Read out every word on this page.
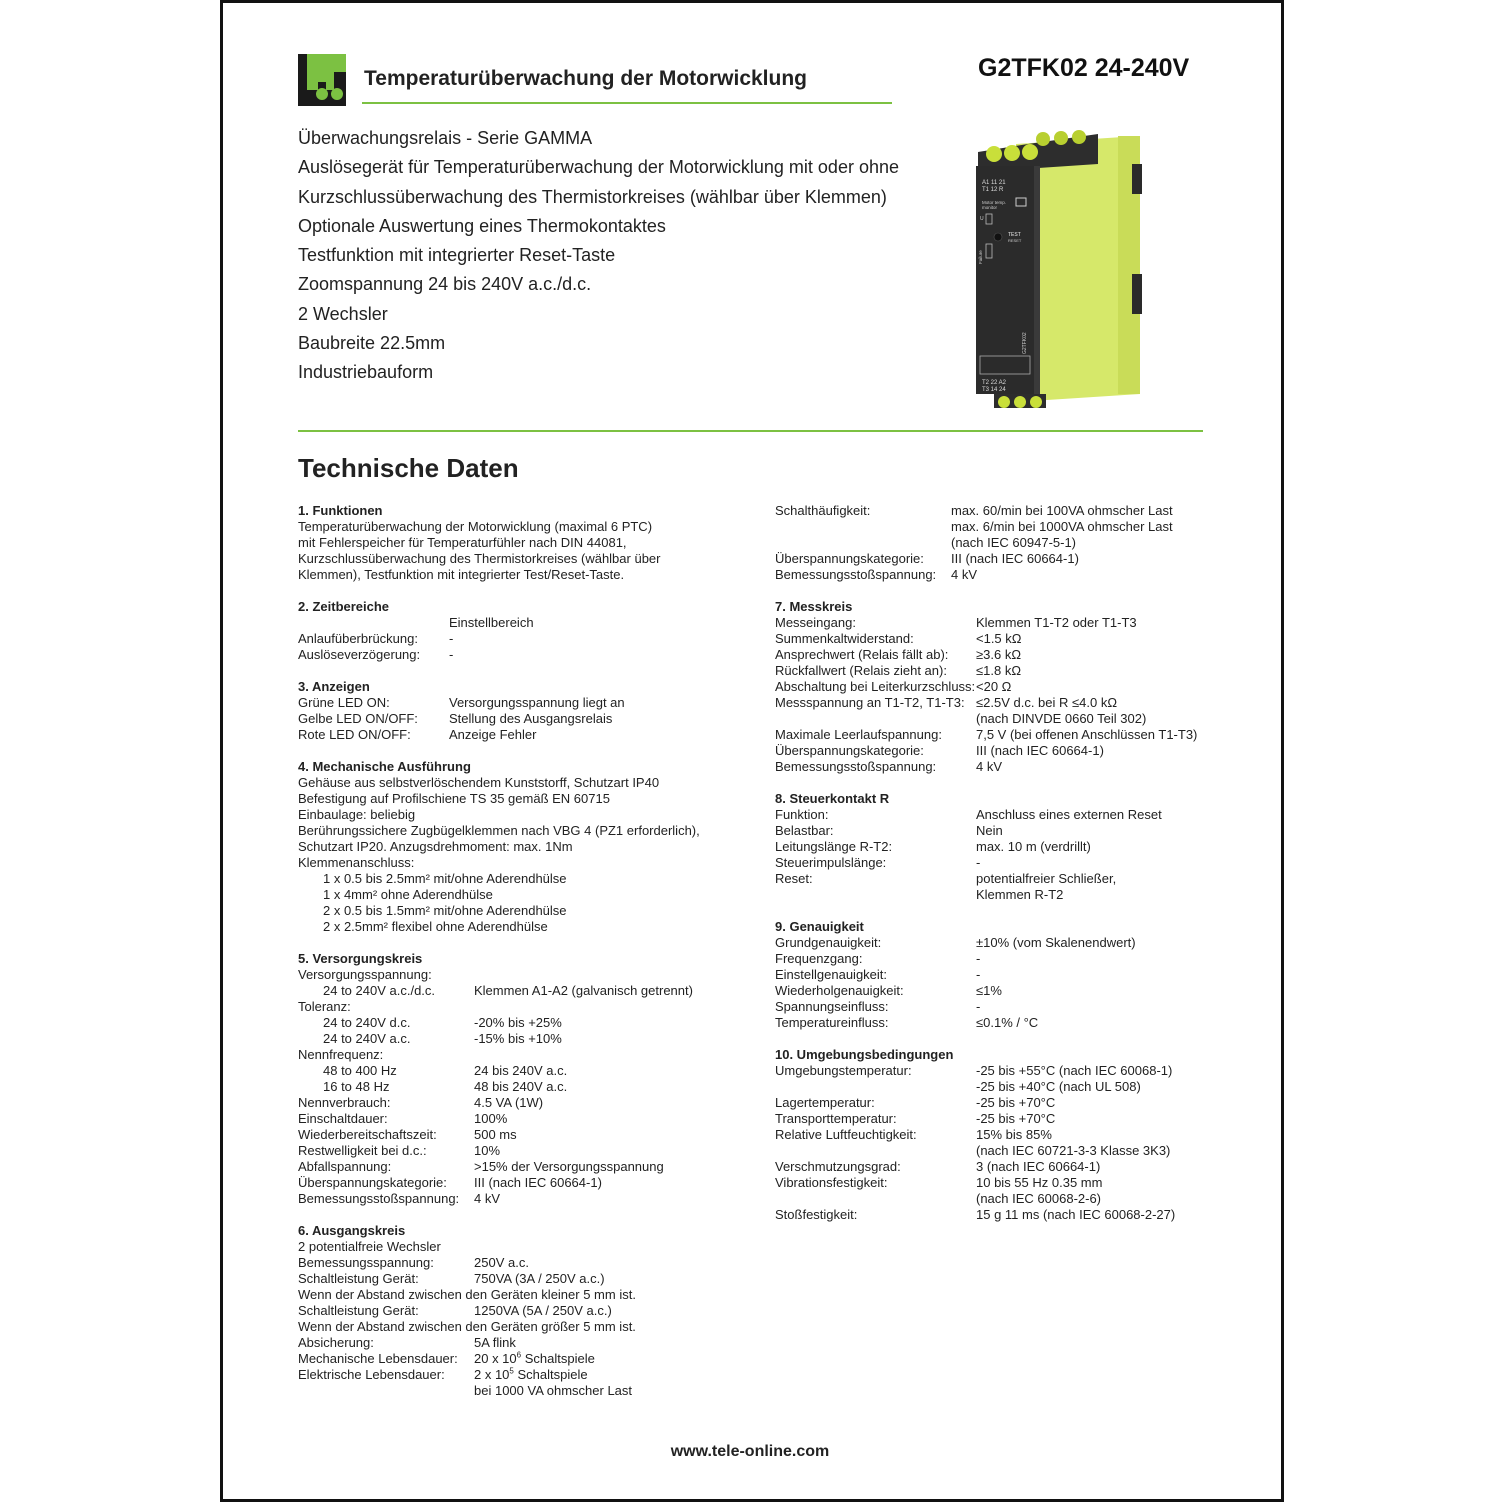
Temperaturüberwachung der Motorwicklung	G2TFK02 24-240V
Überwachungsrelais - Serie GAMMA
Auslösegerät für Temperaturüberwachung der Motorwicklung mit oder ohne
Kurzschlussüberwachung des Thermistorkreises (wählbar über Klemmen)
Optionale Auswertung eines Thermokontaktes
Testfunktion mit integrierter Reset-Taste
Zoomspannung 24 bis 240V a.c./d.c.
2 Wechsler
Baubreite 22.5mm
Industriebauform
A1 11 21
T1 12 R
Motor temp.
monitor
U
TEST
RESET
Failure
G2TFK02
T2 22 A2
T3 14 24
Technische Daten
1. Funktionen

Temperaturüberwachung der Motorwicklung (maximal 6 PTC)

mit Fehlerspeicher für Temperaturfühler nach DIN 44081,

Kurzschlussüberwachung des Thermistorkreises (wählbar über

Klemmen), Testfunktion mit integrierter Test/Reset-Taste.

2. Zeitbereiche
Einstellbereich
Anlaufüberbrückung:	-
Auslöseverzögerung:	-
3. Anzeigen
Grüne LED ON:	Versorgungsspannung liegt an
Gelbe LED ON/OFF:	Stellung des Ausgangsrelais
Rote LED ON/OFF:	Anzeige Fehler
4. Mechanische Ausführung

Gehäuse aus selbstverlöschendem Kunststorff, Schutzart IP40

Befestigung auf Profilschiene TS 35 gemäß EN 60715

Einbaulage: beliebig

Berührungssichere Zugbügelklemmen nach VBG 4 (PZ1 erforderlich),

Schutzart IP20. Anzugsdrehmoment: max. 1Nm

Klemmenanschluss:

1 x 0.5 bis 2.5mm² mit/ohne Aderendhülse
1 x 4mm² ohne Aderendhülse
2 x 0.5 bis 1.5mm² mit/ohne Aderendhülse
2 x 2.5mm² flexibel ohne Aderendhülse
5. Versorgungskreis

Versorgungsspannung:

24 to 240V a.c./d.c.	Klemmen A1-A2 (galvanisch getrennt)

Toleranz:

24 to 240V d.c.	-20% bis +25%
24 to 240V a.c.	-15% bis +10%

Nennfrequenz:

48 to 400 Hz	24 bis 240V a.c.
16 to 48 Hz	48 bis 240V a.c.
Nennverbrauch:	4.5 VA (1W)
Einschaltdauer:	100%
Wiederbereitschaftszeit:	500 ms
Restwelligkeit bei d.c.:	10%
Abfallspannung:	>15% der Versorgungsspannung
Überspannungskategorie:	III (nach IEC 60664-1)
Bemessungsstoßspannung:	4 kV
6. Ausgangskreis

2 potentialfreie Wechsler

Bemessungsspannung:	250V a.c.
Schaltleistung Gerät:	750VA (3A / 250V a.c.)

Wenn der Abstand zwischen den Geräten kleiner 5 mm ist.

Schaltleistung Gerät:	1250VA (5A / 250V a.c.)

Wenn der Abstand zwischen den Geräten größer 5 mm ist.

Absicherung:	5A flink
Mechanische Lebensdauer:	20 x $10^6$ Schaltspiele
Elektrische Lebensdauer:	2 x $10^5$ Schaltspiele
bei 1000 VA ohmscher Last
Schalthäufigkeit:	max. 60/min bei 100VA ohmscher Last
max. 6/min bei 1000VA ohmscher Last
(nach IEC 60947-5-1)
Überspannungskategorie:	III (nach IEC 60664-1)
Bemessungsstoßspannung:	4 kV
7. Messkreis
Messeingang:	Klemmen T1-T2 oder T1-T3
Summenkaltwiderstand:	<1.5 kΩ
Ansprechwert (Relais fällt ab):	≥3.6 kΩ
Rückfallwert (Relais zieht an):	≤1.8 kΩ
Abschaltung bei Leiterkurzschluss: <20 Ω
Messspannung an T1-T2, T1-T3: ≤2.5V d.c. bei R ≤4.0 kΩ
(nach DINVDE 0660 Teil 302)
Maximale Leerlaufspannung:	7,5 V (bei offenen Anschlüssen T1-T3)
Überspannungskategorie:	III (nach IEC 60664-1)
Bemessungsstoßspannung:	4 kV
8. Steuerkontakt R
Funktion:	Anschluss eines externen Reset
Belastbar:	Nein
Leitungslänge R-T2:	max. 10 m (verdrillt)
Steuerimpulslänge:	-
Reset:	potentialfreier Schließer,
Klemmen R-T2
9. Genauigkeit
Grundgenauigkeit:	±10% (vom Skalenendwert)
Frequenzgang:	-
Einstellgenauigkeit:	-
Wiederholgenauigkeit:	≤1%
Spannungseinfluss:	-
Temperatureinfluss:	≤0.1% / °C
10. Umgebungsbedingungen
Umgebungstemperatur:	-25 bis +55°C (nach IEC 60068-1)
-25 bis +40°C (nach UL 508)
Lagertemperatur:	-25 bis +70°C
Transporttemperatur:	-25 bis +70°C
Relative Luftfeuchtigkeit:	15% bis 85%
(nach IEC 60721-3-3 Klasse 3K3)
Verschmutzungsgrad:	3 (nach IEC 60664-1)
Vibrationsfestigkeit:	10 bis 55 Hz 0.35 mm
(nach IEC 60068-2-6)
Stoßfestigkeit:	15 g 11 ms (nach IEC 60068-2-27)
www.tele-online.com
